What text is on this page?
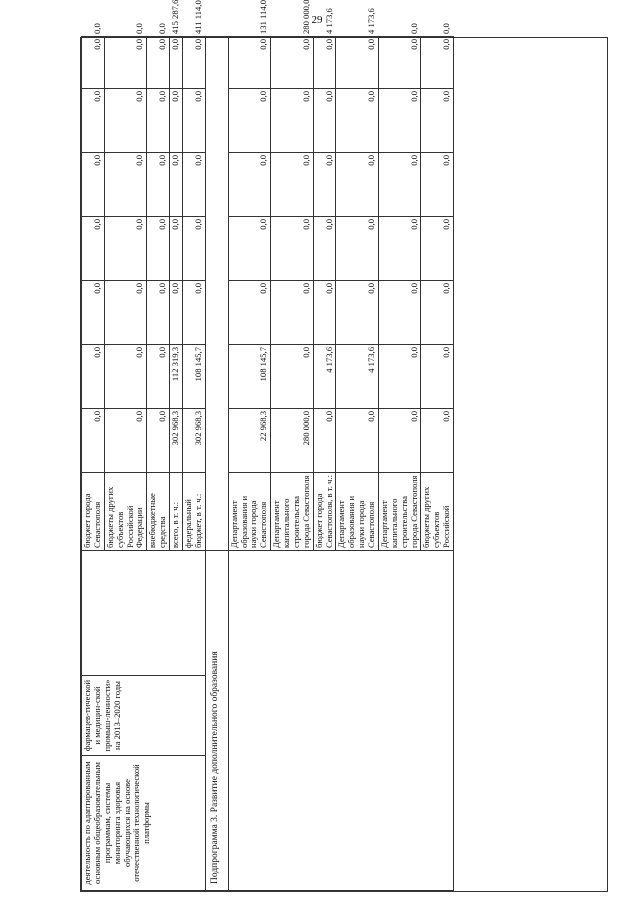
29
деятельность по адаптированным основным общеобразовательным программам, системы мониторинга здоровья обучающихся на основе отечественной технологической платформы	фармацев-тической и медицин-ской промыш-ленности» на 2013–2020 годы		бюджет города Севастополя	0,0	0,0	0,0	0,0	0,0	0,0	0,0	0,0
			бюджеты других субъектов Российской Федерации	0,0	0,0	0,0	0,0	0,0	0,0	0,0	0,0
			внебюджетные средства	0,0	0,0	0,0	0,0	0,0	0,0	0,0	0,0
			всего, в т. ч.:	302 968,3	112 319,3	0,0	0,0	0,0	0,0	0,0	415 287,6
			федеральный бюджет, в т. ч.:	302 968,3	108 145,7	0,0	0,0	0,0	0,0	0,0	411 114,0
Подпрограмма 3. Развитие дополнительного образования											
			Департамент образования и науки города Севастополя	22 968,3	108 145,7	0,0	0,0	0,0	0,0	0,0	131 114,0
			Департамент капитального строительства города Севастополя	280 000,0	0,0	0,0	0,0	0,0	0,0	0,0	280 000,0
			бюджет города Севастополя, в т. ч.:	0,0	4 173,6	0,0	0,0	0,0	0,0	0,0	4 173,6
			Департамент образования и науки города Севастополя	0,0	4 173,6	0,0	0,0	0,0	0,0	0,0	4 173,6
			Департамент капитального строительства города Севастополя	0,0	0,0	0,0	0,0	0,0	0,0	0,0	0,0
			бюджеты других субъектов Российской	0,0	0,0	0,0	0,0	0,0	0,0	0,0	0,0
